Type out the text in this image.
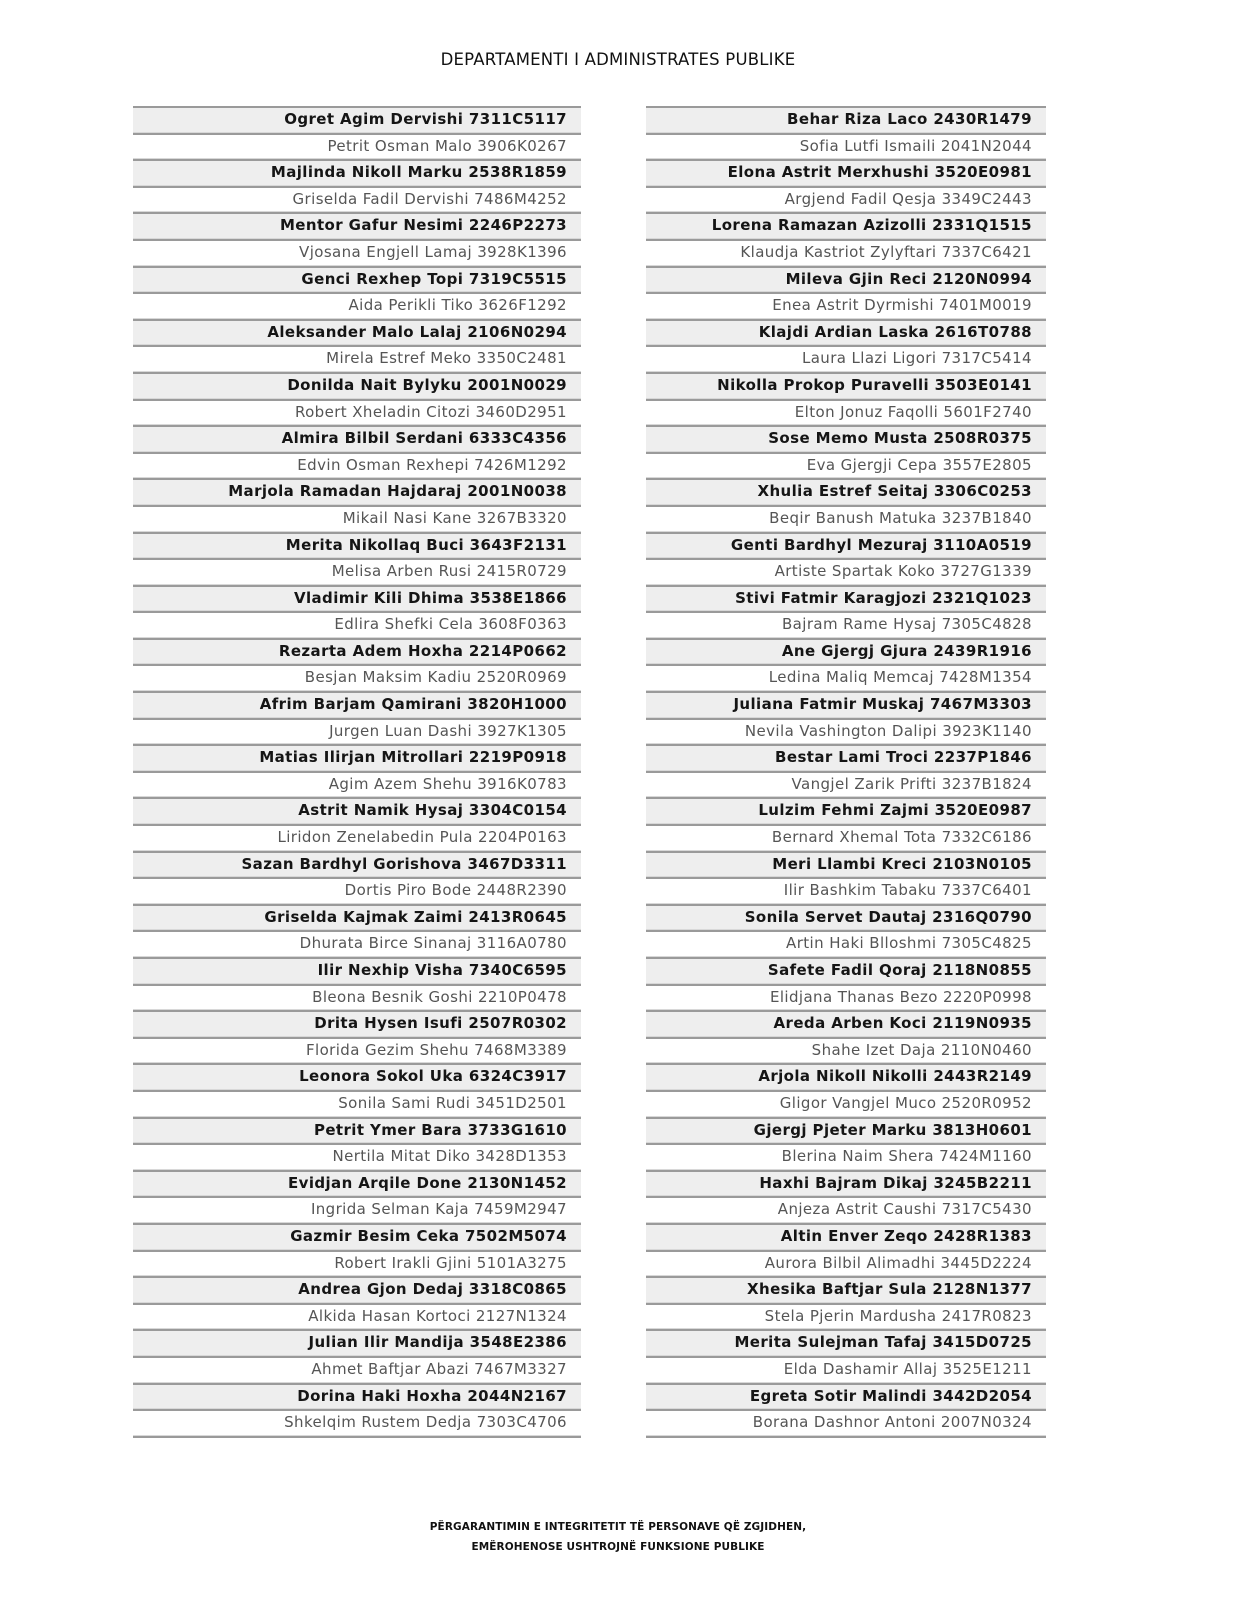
DEPARTAMENTI I ADMINISTRATES PUBLIKE
Ogret Agim Dervishi 7311C5117
Petrit Osman Malo 3906K0267
Majlinda Nikoll Marku 2538R1859
Griselda Fadil Dervishi 7486M4252
Mentor Gafur Nesimi 2246P2273
Vjosana Engjell Lamaj 3928K1396
Genci Rexhep Topi 7319C5515
Aida Perikli Tiko 3626F1292
Aleksander Malo Lalaj 2106N0294
Mirela Estref Meko 3350C2481
Donilda Nait Bylyku 2001N0029
Robert Xheladin Citozi 3460D2951
Almira Bilbil Serdani 6333C4356
Edvin Osman Rexhepi 7426M1292
Marjola Ramadan Hajdaraj 2001N0038
Mikail Nasi Kane 3267B3320
Merita Nikollaq Buci 3643F2131
Melisa Arben Rusi 2415R0729
Vladimir Kili Dhima 3538E1866
Edlira Shefki Cela 3608F0363
Rezarta Adem Hoxha 2214P0662
Besjan Maksim Kadiu 2520R0969
Afrim Barjam Qamirani 3820H1000
Jurgen Luan Dashi 3927K1305
Matias Ilirjan Mitrollari 2219P0918
Agim Azem Shehu 3916K0783
Astrit Namik Hysaj 3304C0154
Liridon Zenelabedin Pula 2204P0163
Sazan Bardhyl Gorishova 3467D3311
Dortis Piro Bode 2448R2390
Griselda Kajmak Zaimi 2413R0645
Dhurata Birce Sinanaj 3116A0780
Ilir Nexhip Visha 7340C6595
Bleona Besnik Goshi 2210P0478
Drita Hysen Isufi 2507R0302
Florida Gezim Shehu 7468M3389
Leonora Sokol Uka 6324C3917
Sonila Sami Rudi 3451D2501
Petrit Ymer Bara 3733G1610
Nertila Mitat Diko 3428D1353
Evidjan Arqile Done 2130N1452
Ingrida Selman Kaja 7459M2947
Gazmir Besim Ceka 7502M5074
Robert Irakli Gjini 5101A3275
Andrea Gjon Dedaj 3318C0865
Alkida Hasan Kortoci 2127N1324
Julian Ilir Mandija 3548E2386
Ahmet Baftjar Abazi 7467M3327
Dorina Haki Hoxha 2044N2167
Shkelqim Rustem Dedja 7303C4706
Behar Riza Laco 2430R1479
Sofia Lutfi Ismaili 2041N2044
Elona Astrit Merxhushi 3520E0981
Argjend Fadil Qesja 3349C2443
Lorena Ramazan Azizolli 2331Q1515
Klaudja Kastriot Zylyftari 7337C6421
Mileva Gjin Reci 2120N0994
Enea Astrit Dyrmishi 7401M0019
Klajdi Ardian Laska 2616T0788
Laura Llazi Ligori 7317C5414
Nikolla Prokop Puravelli 3503E0141
Elton Jonuz Faqolli 5601F2740
Sose Memo Musta 2508R0375
Eva Gjergji Cepa 3557E2805
Xhulia Estref Seitaj 3306C0253
Beqir Banush Matuka 3237B1840
Genti Bardhyl Mezuraj 3110A0519
Artiste Spartak Koko 3727G1339
Stivi Fatmir Karagjozi 2321Q1023
Bajram Rame Hysaj 7305C4828
Ane Gjergj Gjura 2439R1916
Ledina Maliq Memcaj 7428M1354
Juliana Fatmir Muskaj 7467M3303
Nevila Vashington Dalipi 3923K1140
Bestar Lami Troci 2237P1846
Vangjel Zarik Prifti 3237B1824
Lulzim Fehmi Zajmi 3520E0987
Bernard Xhemal Tota 7332C6186
Meri Llambi Kreci 2103N0105
Ilir Bashkim Tabaku 7337C6401
Sonila Servet Dautaj 2316Q0790
Artin Haki Blloshmi 7305C4825
Safete Fadil Qoraj 2118N0855
Elidjana Thanas Bezo 2220P0998
Areda Arben Koci 2119N0935
Shahe Izet Daja 2110N0460
Arjola Nikoll Nikolli 2443R2149
Gligor Vangjel Muco 2520R0952
Gjergj Pjeter Marku 3813H0601
Blerina Naim Shera 7424M1160
Haxhi Bajram Dikaj 3245B2211
Anjeza Astrit Caushi 7317C5430
Altin Enver Zeqo 2428R1383
Aurora Bilbil Alimadhi 3445D2224
Xhesika Baftjar Sula 2128N1377
Stela Pjerin Mardusha 2417R0823
Merita Sulejman Tafaj 3415D0725
Elda Dashamir Allaj 3525E1211
Egreta Sotir Malindi 3442D2054
Borana Dashnor Antoni 2007N0324
PËRGARANTIMIN E INTEGRITETIT TË PERSONAVE QË ZGJIDHEN,
EMËROHENOSE USHTROJNË FUNKSIONE PUBLIKE
